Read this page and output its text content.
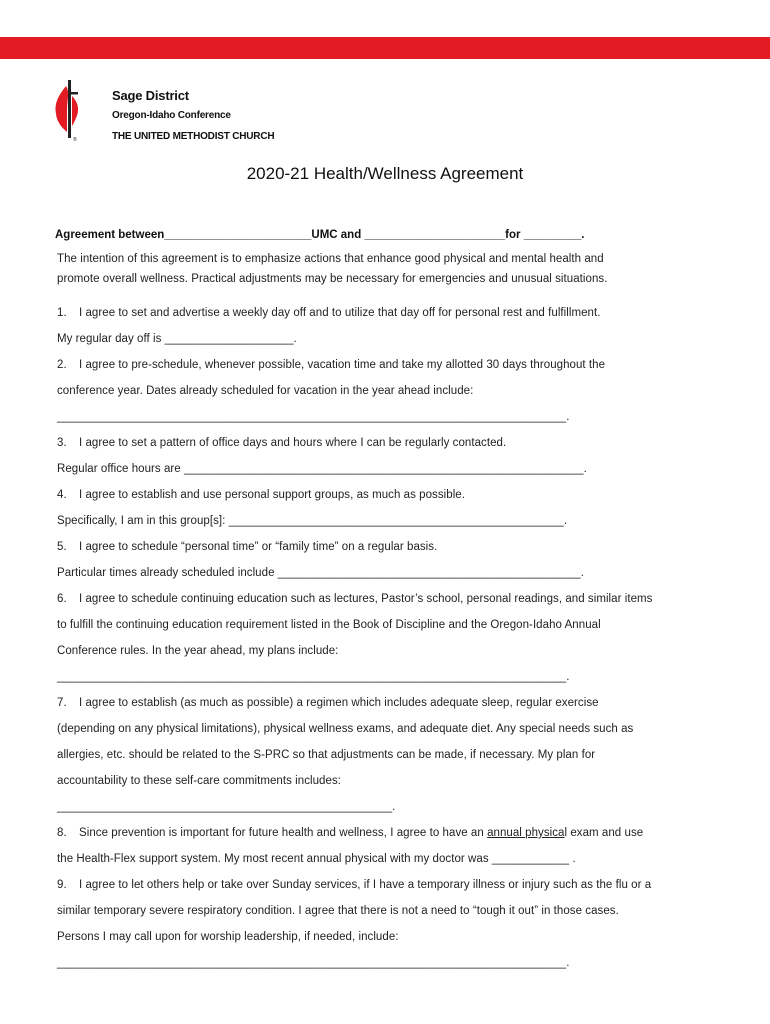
®
Sage District
Oregon-Idaho Conference
THE UNITED METHODIST CHURCH
2020-21 Health/Wellness Agreement
Agreement between_______________________UMC and ______________________for _________.
The intention of this agreement is to emphasize actions that enhance good physical and mental health and
promote overall wellness. Practical adjustments may be necessary for emergencies and unusual situations.
1. I agree to set and advertise a weekly day off and to utilize that day off for personal rest and fulfillment.
My regular day off is ____________________.
2. I agree to pre-schedule, whenever possible, vacation time and take my allotted 30 days throughout the
conference year. Dates already scheduled for vacation in the year ahead include:
_______________________________________________________________________________.
3. I agree to set a pattern of office days and hours where I can be regularly contacted.
Regular office hours are ______________________________________________________________.
4. I agree to establish and use personal support groups, as much as possible.
Specifically, I am in this group[s]: ____________________________________________________.
5. I agree to schedule “personal time” or “family time” on a regular basis.
Particular times already scheduled include _______________________________________________.
6. I agree to schedule continuing education such as lectures, Pastor’s school, personal readings, and similar items
to fulfill the continuing education requirement listed in the Book of Discipline and the Oregon-Idaho Annual
Conference rules. In the year ahead, my plans include:
_______________________________________________________________________________.
7. I agree to establish (as much as possible) a regimen which includes adequate sleep, regular exercise
(depending on any physical limitations), physical wellness exams, and adequate diet. Any special needs such as
allergies, etc. should be related to the S-PRC so that adjustments can be made, if necessary. My plan for
accountability to these self-care commitments includes:
____________________________________________________.
8. Since prevention is important for future health and wellness, I agree to have an annual physical exam and use
the Health-Flex support system. My most recent annual physical with my doctor was ____________ .
9. I agree to let others help or take over Sunday services, if I have a temporary illness or injury such as the flu or a
similar temporary severe respiratory condition. I agree that there is not a need to “tough it out” in those cases.
Persons I may call upon for worship leadership, if needed, include:
_______________________________________________________________________________.
